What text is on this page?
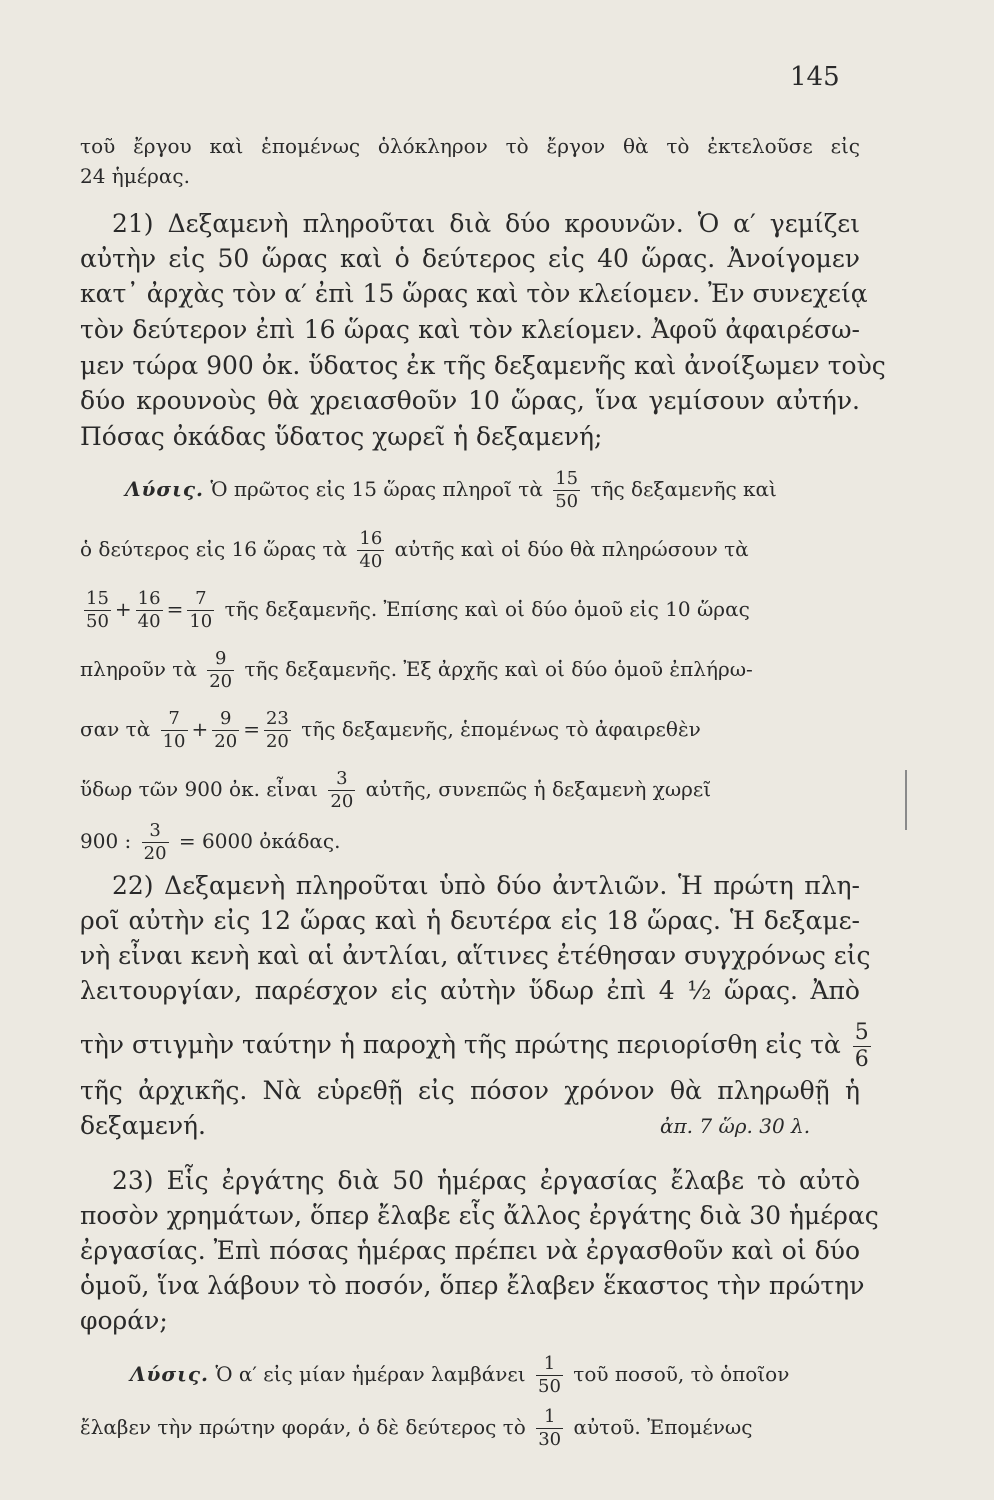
145
τοῦ ἔργου καὶ ἑπομένως ὁλόκληρον τὸ ἔργον θὰ τὸ ἐκτελοῦσε εἰς
24 ἡμέρας.
21) Δεξαμενὴ πληροῦται διὰ δύο κρουνῶν. Ὁ α′ γεμίζει
αὐτὴν εἰς 50 ὥρας καὶ ὁ δεύτερος εἰς 40 ὥρας. Ἀνοίγομεν
κατ᾽ ἀρχὰς τὸν α′ ἐπὶ 15 ὥρας καὶ τὸν κλείομεν. Ἐν συνεχείᾳ
τὸν δεύτερον ἐπὶ 16 ὥρας καὶ τὸν κλείομεν. Ἀφοῦ ἀφαιρέσω-
μεν τώρα 900 ὀκ. ὕδατος ἐκ τῆς δεξαμενῆς καὶ ἀνοίξωμεν τοὺς
δύο κρουνοὺς θὰ χρειασθοῦν 10 ὥρας, ἵνα γεμίσουν αὐτήν.
Πόσας ὀκάδας ὕδατος χωρεῖ ἡ δεξαμενή;
Λύσις. Ὁ πρῶτος εἰς 15 ὥρας πληροῖ τὰ $\frac{15}{50}$ τῆς δεξαμενῆς καὶ
ὁ δεύτερος εἰς 16 ὥρας τὰ $\frac{16}{40}$ αὐτῆς καὶ οἱ δύο θὰ πληρώσουν τὰ
$\frac{15}{50} + \frac{16}{40} = \frac{7}{10}$ τῆς δεξαμενῆς. Ἐπίσης καὶ οἱ δύο ὁμοῦ εἰς 10 ὥρας
πληροῦν τὰ $\frac{9}{20}$ τῆς δεξαμενῆς. Ἐξ ἀρχῆς καὶ οἱ δύο ὁμοῦ ἐπλήρω-
σαν τὰ $\frac{7}{10} + \frac{9}{20} = \frac{23}{20}$ τῆς δεξαμενῆς, ἑπομένως τὸ ἀφαιρεθὲν
ὕδωρ τῶν 900 ὀκ. εἶναι $\frac{3}{20}$ αὐτῆς, συνεπῶς ἡ δεξαμενὴ χωρεῖ
900 : $\frac{3}{20} = 6000$ ὀκάδας.
22) Δεξαμενὴ πληροῦται ὑπὸ δύο ἀντλιῶν. Ἡ πρώτη πλη-
ροῖ αὐτὴν εἰς 12 ὥρας καὶ ἡ δευτέρα εἰς 18 ὥρας. Ἡ δεξαμε-
νὴ εἶναι κενὴ καὶ αἱ ἀντλίαι, αἵτινες ἐτέθησαν συγχρόνως εἰς
λειτουργίαν, παρέσχον εἰς αὐτὴν ὕδωρ ἐπὶ 4 ½ ὥρας. Ἀπὸ
τὴν στιγμὴν ταύτην ἡ παροχὴ τῆς πρώτης περιορίσθη εἰς τὰ $\frac{5}{6}$
τῆς ἀρχικῆς. Νὰ εὑρεθῇ εἰς πόσον χρόνον θὰ πληρωθῇ ἡ
δεξαμενή.	ἀπ. 7 ὥρ. 30 λ.
23) Εἷς ἐργάτης διὰ 50 ἡμέρας ἐργασίας ἔλαβε τὸ αὐτὸ
ποσὸν χρημάτων, ὅπερ ἔλαβε εἷς ἄλλος ἐργάτης διὰ 30 ἡμέρας
ἐργασίας. Ἐπὶ πόσας ἡμέρας πρέπει νὰ ἐργασθοῦν καὶ οἱ δύο
ὁμοῦ, ἵνα λάβουν τὸ ποσόν, ὅπερ ἔλαβεν ἕκαστος τὴν πρώτην
φοράν;
Λύσις. Ὁ α′ εἰς μίαν ἡμέραν λαμβάνει $\frac{1}{50}$ τοῦ ποσοῦ, τὸ ὁποῖον
ἔλαβεν τὴν πρώτην φοράν, ὁ δὲ δεύτερος τὸ $\frac{1}{30}$ αὐτοῦ. Ἐπομένως
